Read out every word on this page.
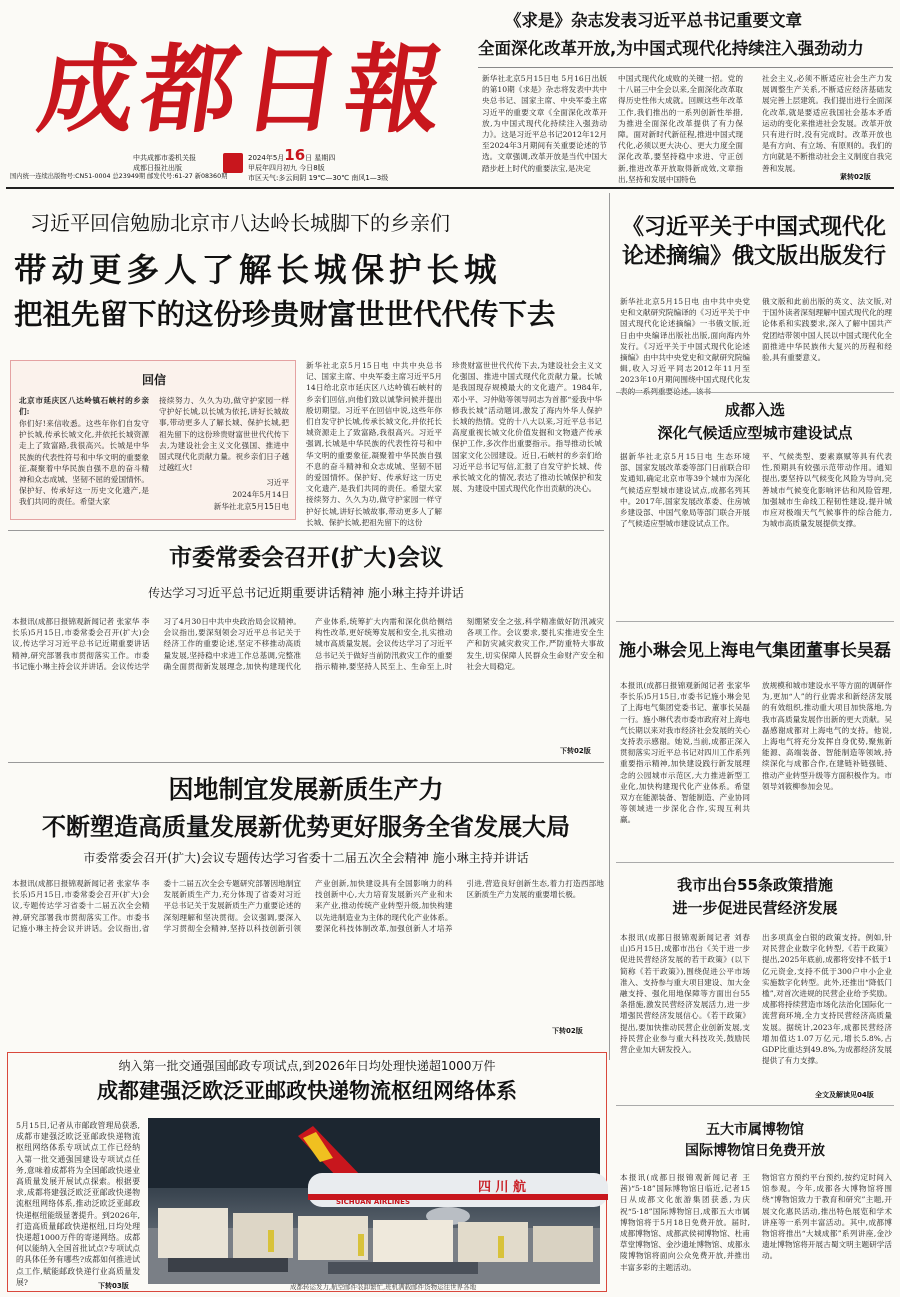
成都日報
中共成都市委机关报
成都日报社出版
2024年5月16日 星期四
甲辰年四月初九 今日8版
市区天气:多云间阴 19℃—30℃ 南风1—3级
国内统一连续出版物号:CN51-0004 总23949期 邮发代号:61-27 新08360期
《求是》杂志发表习近平总书记重要文章
全面深化改革开放,为中国式现代化持续注入强劲动力
新华社北京5月15日电 5月16日出版的第10期《求是》杂志将发表中共中央总书记、国家主席、中央军委主席习近平的重要文章《全面深化改革开放,为中国式现代化持续注入强劲动力》。这是习近平总书记2012年12月至2024年3月期间有关重要论述的节选。文章强调,改革开放是当代中国大踏步赶上时代的重要法宝,是决定
中国式现代化成败的关键一招。党的十八届三中全会以来,全面深化改革取得历史性伟大成就。回顾这些年改革工作,我们推出的一系列创新性举措,为推进全面深化改革提供了有力保障。面对新时代新征程,推进中国式现代化,必须以更大决心、更大力度全面深化改革,要坚持稳中求进、守正创新,推进改革开放取得新成效,文章指出,坚持和发展中国特色
社会主义,必须不断适应社会生产力发展调整生产关系,不断适应经济基础发展完善上层建筑。我们提出进行全面深化改革,就是要适应我国社会基本矛盾运动的变化来推进社会发展。改革开放只有进行时,没有完成时。改革开放也是有方向、有立场、有原则的。我们的方向就是不断推动社会主义制度自我完善和发展。
紧转02版
习近平回信勉励北京市八达岭长城脚下的乡亲们
带动更多人了解长城保护长城
把祖先留下的这份珍贵财富世世代代传下去
回信
北京市延庆区八达岭镇石峡村的乡亲们:
你们好!来信收悉。这些年你们自发守护长城,传承长城文化,并依托长城资源走上了致富路,我很高兴。长城是中华民族的代表性符号和中华文明的重要象征,凝聚着中华民族自强不息的奋斗精神和众志成城、坚韧不屈的爱国情怀。保护好、传承好这一历史文化遗产,是我们共同的责任。希望大家
接续努力、久久为功,做守护家园一样守护好长城,以长城为依托,讲好长城故事,带动更多人了解长城、保护长城,把祖先留下的这份珍贵财富世世代代传下去,为建设社会主义文化强国、推进中国式现代化贡献力量。祝乡亲们日子越过越红火!
习近平
2024年5月14日
新华社北京5月15日电
新华社北京5月15日电 中共中央总书记、国家主席、中央军委主席习近平5月14日给北京市延庆区八达岭镇石峡村的乡亲们回信,向他们致以诚挚问候并提出殷切期望。习近平在回信中说,这些年你们自发守护长城,传承长城文化,并依托长城资源走上了致富路,我很高兴。习近平强调,长城是中华民族的代表性符号和中华文明的重要象征,凝聚着中华民族自强不息的奋斗精神和众志成城、坚韧不屈的爱国情怀。保护好、传承好这一历史文化遗产,是我们共同的责任。希望大家接续努力、久久为功,做守护家园一样守护好长城,讲好长城故事,带动更多人了解长城、保护长城,把祖先留下的这份
珍贵财富世世代代传下去,为建设社会主义文化强国、推进中国式现代化贡献力量。长城是我国现存规模最大的文化遗产。1984年,邓小平、习仲勋等领导同志为首都“爱我中华 修我长城”活动题词,激发了海内外华人保护长城的热情。党的十八大以来,习近平总书记高度重视长城文化价值发掘和文物遗产传承保护工作,多次作出重要指示。指导推动长城国家文化公园建设。近日,石峡村的乡亲们给习近平总书记写信,汇报了自发守护长城、传承长城文化的情况,表达了推动长城保护和发展、为建设中国式现代化作出贡献的决心。
《习近平关于中国式现代化论述摘编》俄文版出版发行
新华社北京5月15日电 由中共中央党史和文献研究院编译的《习近平关于中国式现代化论述摘编》一书俄文版,近日由中央编译出版社出版,面向海内外发行。《习近平关于中国式现代化论述摘编》由中共中央党史和文献研究院编辑,收入习近平同志2012年11月至2023年10月期间围绕中国式现代化发
俄文版和此前出版的英文、法文版,对于国外读者深刻理解中国式现代化的理论体系和实践要求,深入了解中国共产党团结带领中国人民以中国式现代化全面推进中华民族伟大复兴的历程和经验,具有重要意义。
成都入选
深化气候适应型城市建设试点
据新华社北京5月15日电 生态环境部、国家发展改革委等部门日前联合印发通知,确定北京市等39个城市为深化气候适应型城市建设试点,成都名列其中。2017年,国家发展改革委、住房城乡建设部、中国气象局等部门联合开展了气候适应型城市建设试点工作。
平、气候类型、要素禀赋等具有代表性,预期具有较强示范带动作用。通知提出,要坚持以气候变化风险为导向,完善城市气候变化影响评估和风险管理,加强城市生命线工程韧性建设,提升城市应对极端天气气候事件的综合能力,为城市高质量发展提供支撑。
施小琳会见上海电气集团董事长吴磊
本报讯(成都日报锦观新闻记者 张家华 李长乐)5月15日,市委书记施小琳会见了上海电气集团党委书记、董事长吴磊一行。施小琳代表市委市政府对上海电气长期以来对我市经济社会发展的关心支持表示感谢。她说,当前,成都正深入贯彻落实习近平总书记对四川工作系列重要指示精神,加快建设践行新发展理念的公园城市示范区,大力推进新型工业化,加快构建现代化产业体系。希望双方在能源装备、智能制造、产业协同等领域进一步深化合作,实现互利共赢。
放规模和城市建设水平等方面的调研作为,更加“人”的行业需求和新经济发展的有效组织,推动重大项目加快落地,为我市高质量发展作出新的更大贡献。吴磊感谢成都对上海电气的支持。他说,上海电气将充分发挥自身优势,聚焦新能源、高端装备、智能制造等领域,持续深化与成都合作,在建链补链强链、推动产业转型升级等方面积极作为。市领导刘筱柳参加会见。
我市出台55条政策措施
进一步促进民营经济发展
本报讯(成都日报锦观新闻记者 刘春山)5月15日,成都市出台《关于进一步促进民营经济发展的若干政策》(以下简称《若干政策》),围绕促进公平市场准入、支持参与重大项目建设、加大金融支持、强化用地保障等方面出台55条措施,激发民营经济发展活力,进一步增强民营经济发展信心。《若干政策》提出,要加快推动民营企业创新发展,支持民营企业参与重大科技攻关,鼓励民营企业加大研发投入。
出多项真金白银的政策支持。例如,针对民营企业数字化转型,《若干政策》提出,2025年底前,成都将安排不低于1亿元资金,支持不低于300户中小企业实施数字化转型。此外,还推出“降低门槛”,对首次进规的民营企业给予奖励。成都将持续营造市场化法治化国际化一流营商环境,全力支持民营经济高质量发展。据统计,2023年,成都民营经济增加值达1.07万亿元,增长5.8%,占GDP比重达到49.8%,为成都经济发展提供了有力支撑。
全文及解读见04版
五大市属博物馆
国际博物馆日免费开放
本报讯(成都日报锦观新闻记者 王茜)“5·18”国际博物馆日临近,记者15日从成都文化旅游集团获悉,为庆祝“5·18”国际博物馆日,成都五大市属博物馆将于5月18日免费开放。届时,成都博物馆、成都武侯祠博物馆、杜甫草堂博物馆、金沙遗址博物馆、成都永陵博物馆将面向公众免费开放,并推出丰富多彩的主题活动。
物馆官方预约平台预约,按约定时间入馆参观。今年,成都各大博物馆将围绕“博物馆致力于教育和研究”主题,开展文化惠民活动,推出特色展览和学术讲座等一系列丰富活动。其中,成都博物馆将推出“大城成都”系列讲座,金沙遗址博物馆将开展古蜀文明主题研学活动。
市委常委会召开(扩大)会议
传达学习习近平总书记近期重要讲话精神 施小琳主持并讲话
本报讯(成都日报锦观新闻记者 张家华 李长乐)5月15日,市委常委会召开(扩大)会议,传达学习习近平总书记近期重要讲话精神,研究部署我市贯彻落实工作。市委书记施小琳主持会议并讲话。会议传达学习了4月30日中共中央政治局会议精神。会议指出,要深刻领会习近平总书记关于经济工作的重要论述,坚定不移推动高质量发展,坚持稳中求进工作总基调,完整准确全面贯彻新发展理念,加快构建现代化产业体系,统筹扩大内需和深化供给侧结构性改革,更好统筹发展和安全,扎实推动城市高质量发展。会议传达学习了习近平总书记关于做好当前防汛救灾工作的重要指示精神,要坚持人民至上、生命至上,时刻绷紧安全之弦,科学精准做好防汛减灾各项工作。会议要求,要扎实推进安全生产和防灾减灾救灾工作,严防重特大事故发生,切实保障人民群众生命财产安全和社会大局稳定。
下转02版
因地制宜发展新质生产力
不断塑造高质量发展新优势更好服务全省发展大局
市委常委会召开(扩大)会议专题传达学习省委十二届五次全会精神 施小琳主持并讲话
本报讯(成都日报锦观新闻记者 张家华 李长乐)5月15日,市委常委会召开(扩大)会议,专题传达学习省委十二届五次全会精神,研究部署我市贯彻落实工作。市委书记施小琳主持会议并讲话。会议指出,省委十二届五次全会专题研究部署因地制宜发展新质生产力,充分体现了省委对习近平总书记关于发展新质生产力重要论述的深刻理解和坚决贯彻。会议强调,要深入学习贯彻全会精神,坚持以科技创新引领产业创新,加快建设具有全国影响力的科技创新中心,大力培育发展新兴产业和未来产业,推动传统产业转型升级,加快构建以先进制造业为主体的现代化产业体系。要深化科技体制改革,加强创新人才培养引进,营造良好创新生态,着力打造西部地区新质生产力发展的重要增长极。
下转02版
纳入第一批交通强国邮政专项试点,到2026年日均处理快递超1000万件
成都建强泛欧泛亚邮政快递物流枢纽网络体系
5月15日,记者从市邮政管理局获悉,成都市建强泛欧泛亚邮政快递物流枢纽网络体系专项试点工作已经纳入第一批交通强国建设专项试点任务,意味着成都将为全国邮政快递业高质量发展开展试点探索。根据要求,成都将建强泛欧泛亚邮政快递物流枢纽网络体系,推动泛欧泛亚邮政快递枢纽能级显著提升。到2026年,打造高质量邮政快递枢纽,日均处理快递超1000万件的寄递网络。成都何以能纳入全国首批试点?专项试点的具体任务有哪些?成都如何推进试点工作,赋能邮政快递行业高质量发展?	下转03版
SICHUAN AIRLINES
四 川 航
成都转运发力,航空邮件装卸繁忙,班机满载邮件货物运往世界各地
